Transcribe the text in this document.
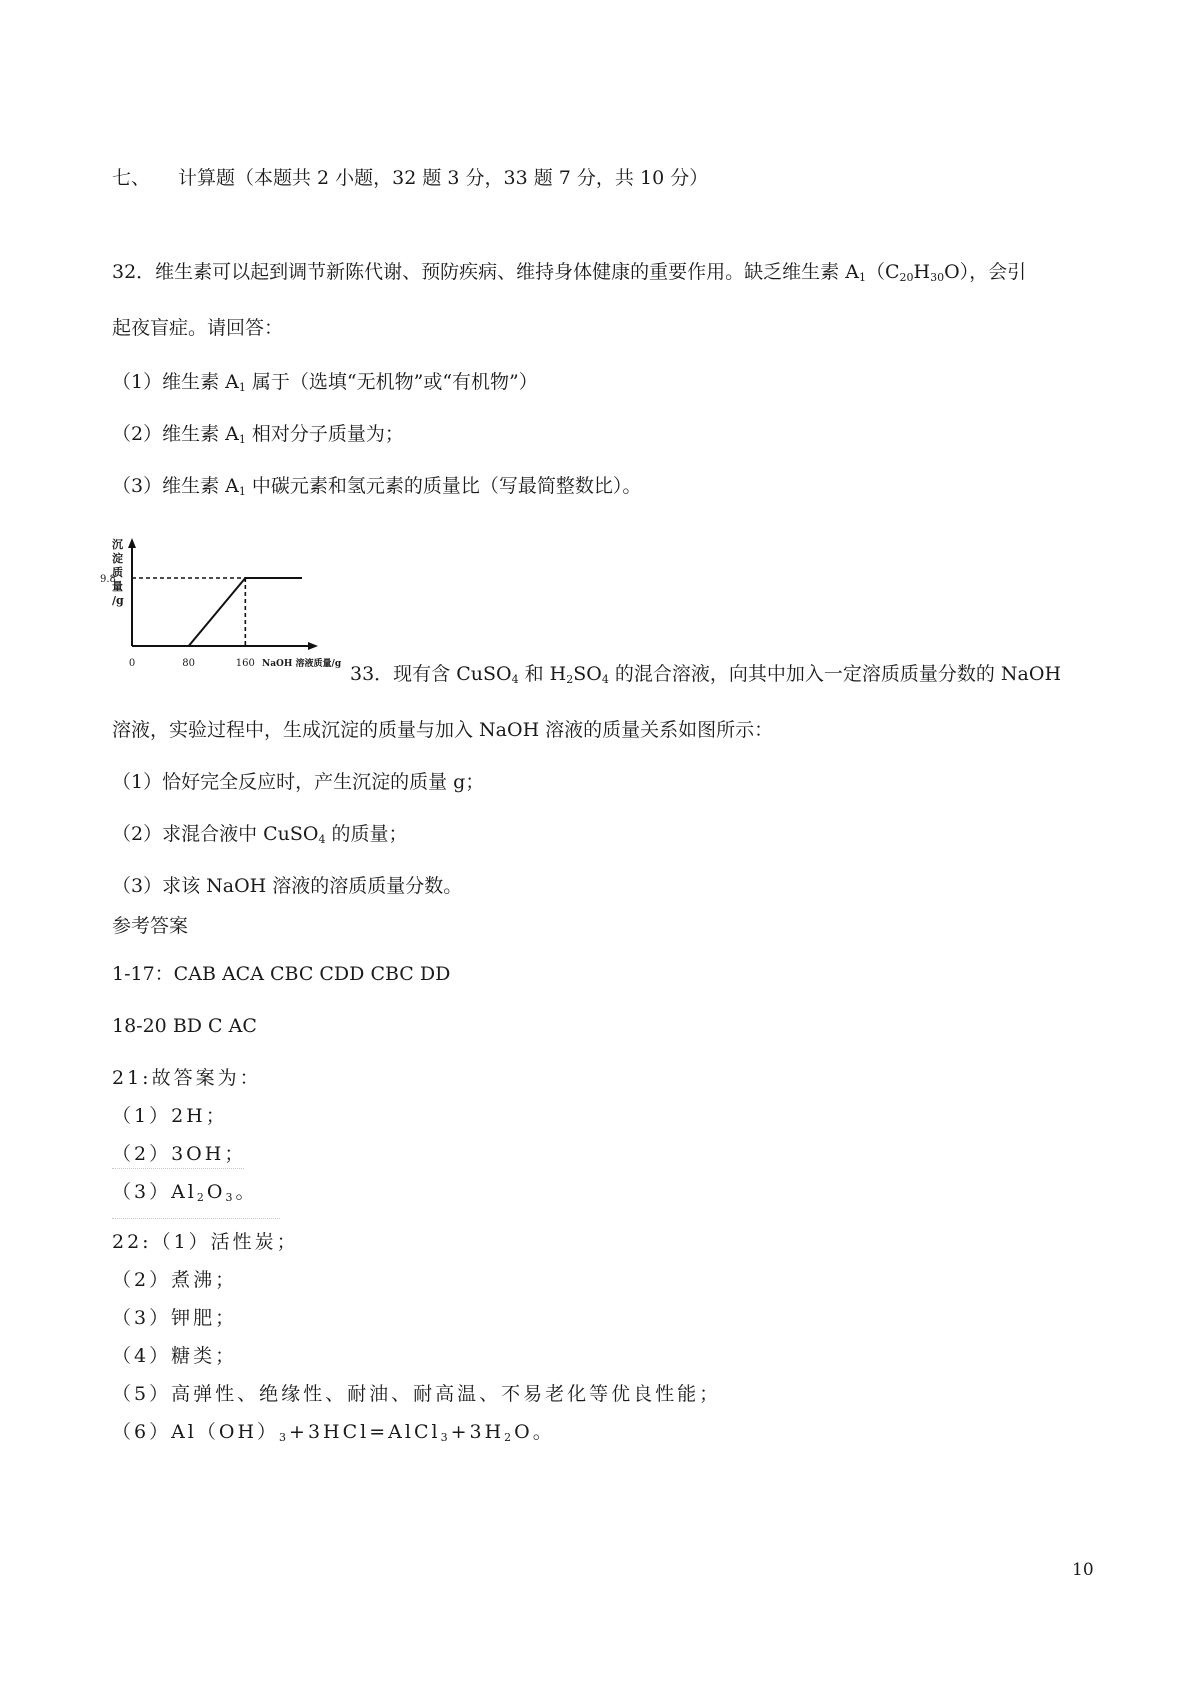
七、 计算题（本题共 2 小题，32 题 3 分，33 题 7 分，共 10 分）
32．维生素可以起到调节新陈代谢、预防疾病、维持身体健康的重要作用。缺乏维生素 $A_1(C_{20}H_{30}O)$，会引
起夜盲症。请回答：
（1）维生素 $A_1$ 属于（选填“无机物”或“有机物”）
（2）维生素 $A_1$ 相对分子质量为；
（3）维生素 $A_1$ 中碳元素和氢元素的质量比（写最简整数比）。
沉
淀
质
量
/g
9.8
0	80	160 NaOH 溶液质量/g 33．现有含 CuSO$_4$ 和 $H_2SO_4$ 的混合溶液，向其中加入一定溶质质量分数的 NaOH
溶液，实验过程中，生成沉淀的质量与加入 NaOH 溶液的质量关系如图所示：
（1）恰好完全反应时，产生沉淀的质量 g；
（2）求混合液中 CuSO$_4$ 的质量；
（3）求该 NaOH 溶液的溶质质量分数。
参考答案
1-17：CAB ACA CBC CDD CBC DD
18-20 BD C AC
21:故答案为：
（1）2H；
（2）3OH；
$(3)Al_2O_3$。
22:（1）活性炭；
（2）煮沸；
（3）钾肥；
（4）糖类；
（5）高弹性、绝缘性、耐油、耐高温、不易老化等优良性能；
$(6)Al(OH)_3+3HCl=AlCl_3+3H_2O$。
10
